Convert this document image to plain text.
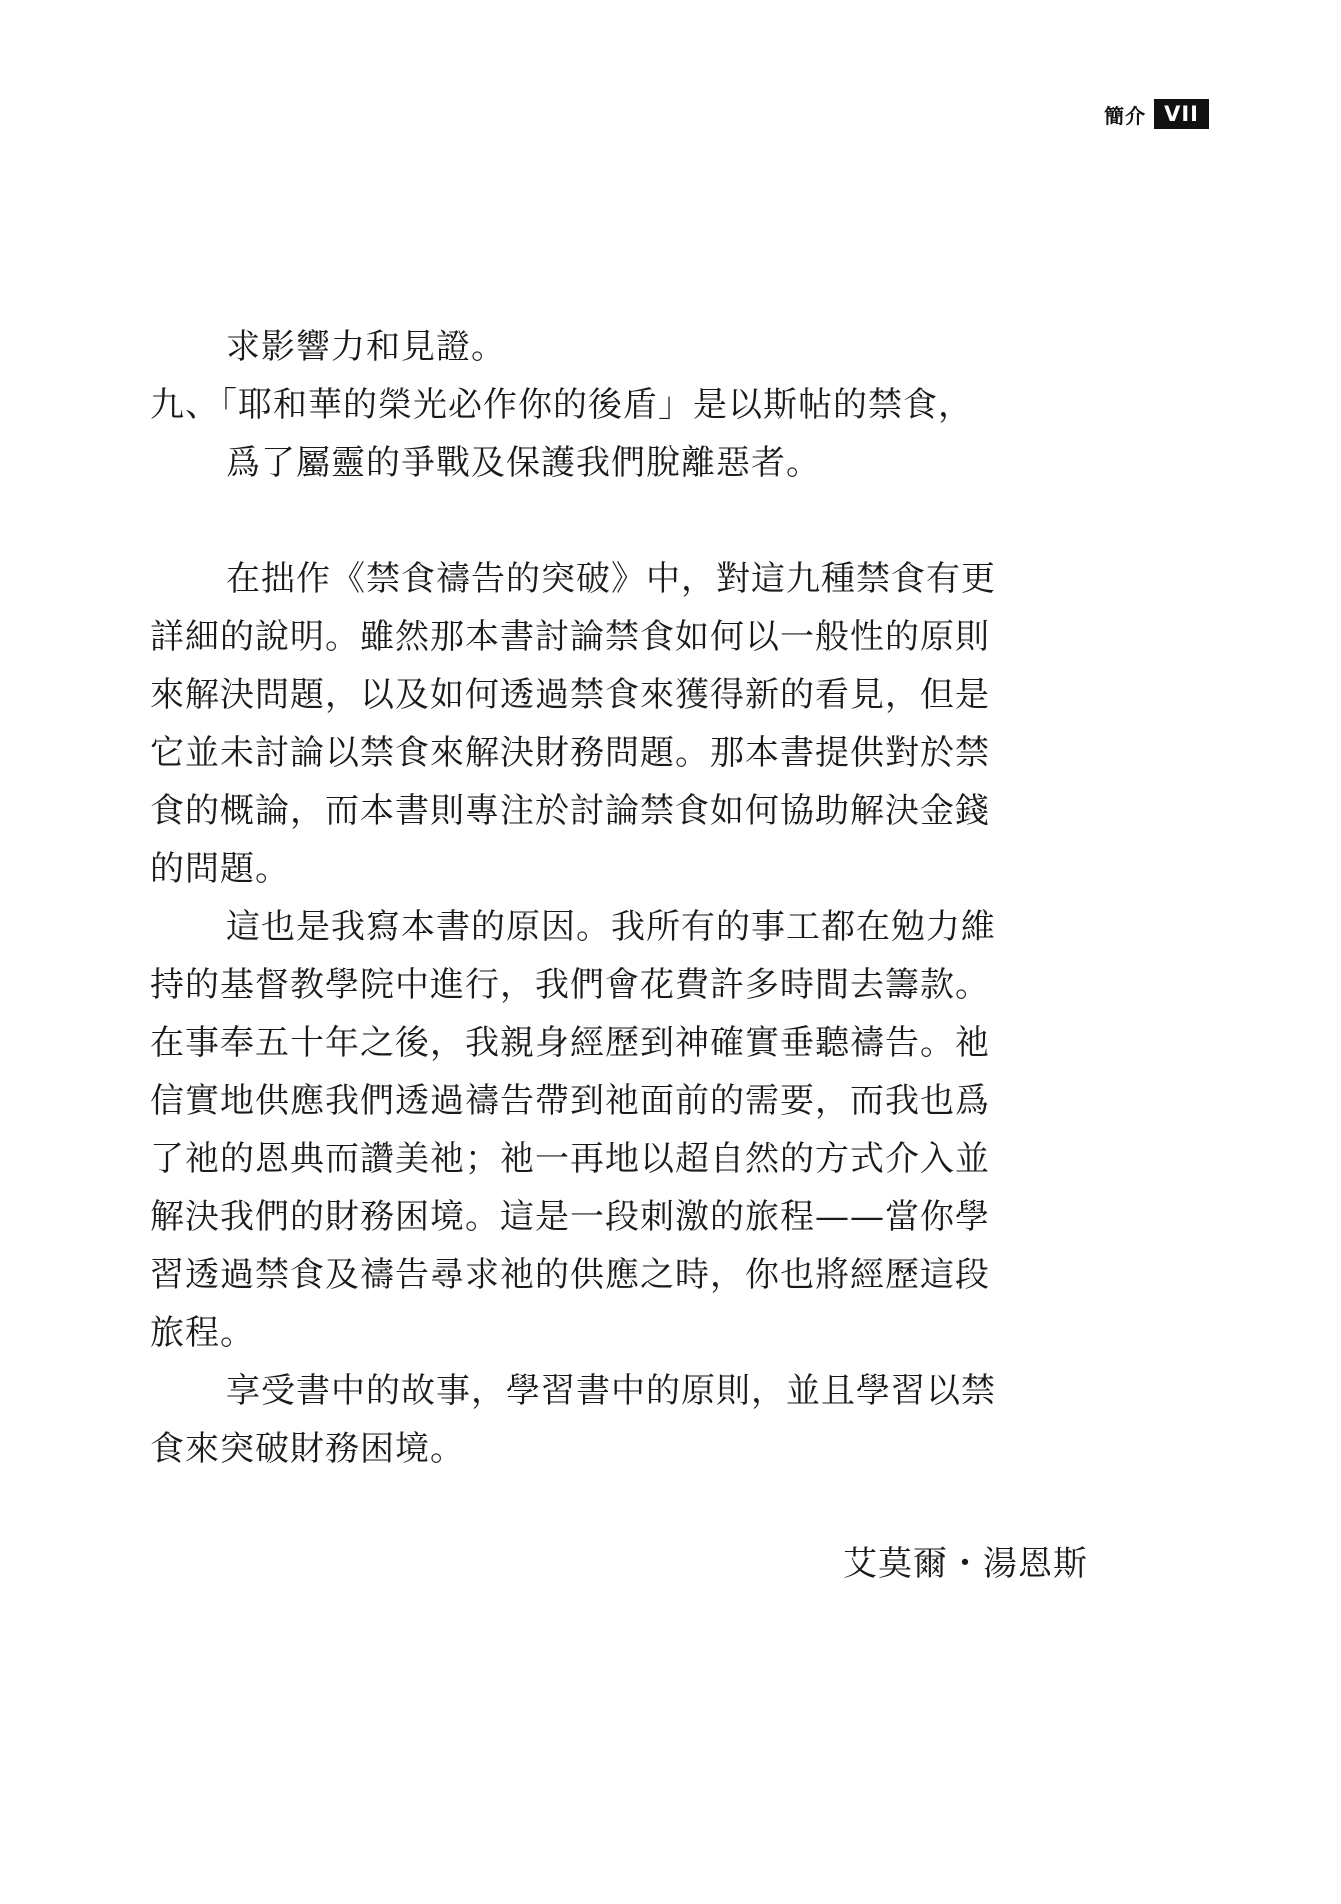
簡介 VII
求影響力和見證。
九、「耶和華的榮光必作你的後盾」是以斯帖的禁食，
爲了屬靈的爭戰及保護我們脫離惡者。
在拙作《禁食禱告的突破》中，對這九種禁食有更
詳細的說明。雖然那本書討論禁食如何以一般性的原則
來解決問題，以及如何透過禁食來獲得新的看見，但是
它並未討論以禁食來解決財務問題。那本書提供對於禁
食的概論，而本書則專注於討論禁食如何協助解決金錢
的問題。
這也是我寫本書的原因。我所有的事工都在勉力維
持的基督教學院中進行，我們會花費許多時間去籌款。
在事奉五十年之後，我親身經歷到神確實垂聽禱告。祂
信實地供應我們透過禱告帶到祂面前的需要，而我也爲
了祂的恩典而讚美祂；祂一再地以超自然的方式介入並
解決我們的財務困境。這是一段刺激的旅程——當你學
習透過禁食及禱告尋求祂的供應之時，你也將經歷這段
旅程。
享受書中的故事，學習書中的原則，並且學習以禁
食來突破財務困境。
艾莫爾・湯恩斯
